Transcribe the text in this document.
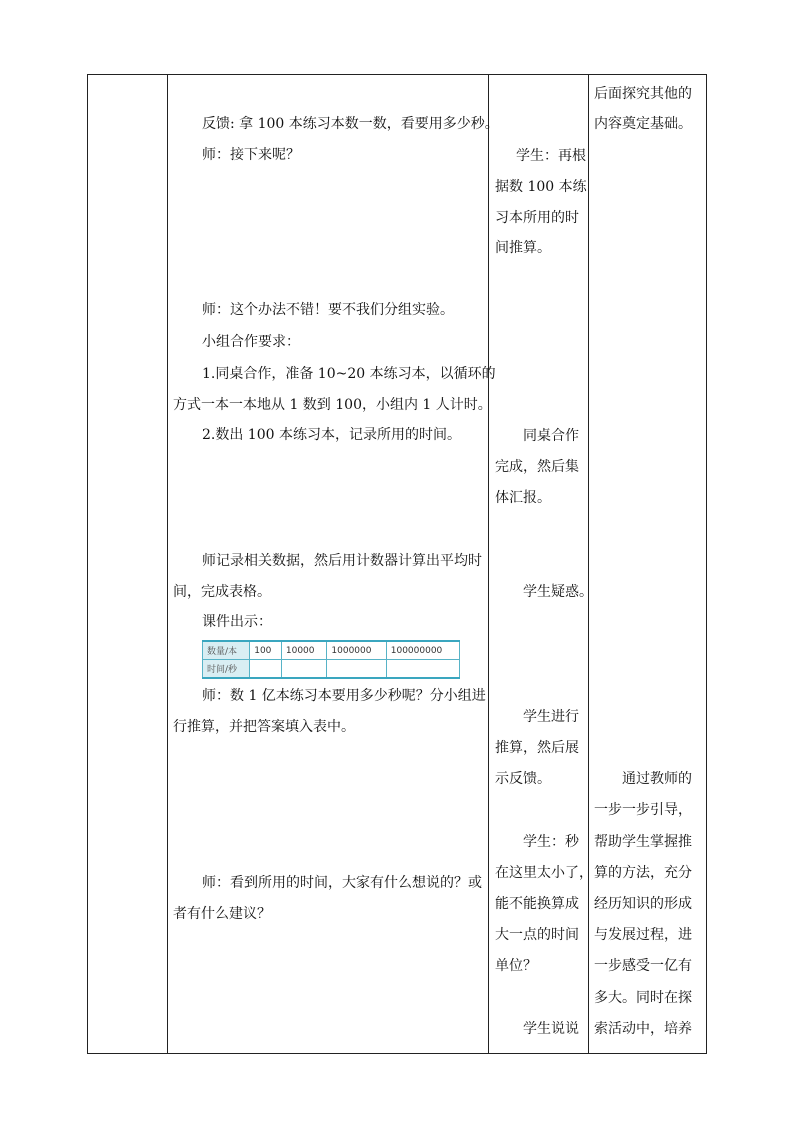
反馈: 拿 100 本练习本数一数，看要用多少秒。
师：接下来呢？
师：这个办法不错！要不我们分组实验。
小组合作要求：
1.同桌合作，准备 10~20 本练习本，以循环的
方式一本一本地从 1 数到 100，小组内 1 人计时。
2.数出 100 本练习本，记录所用的时间。
师记录相关数据，然后用计数器计算出平均时
间，完成表格。
课件出示：
师：数 1 亿本练习本要用多少秒呢？分小组进
行推算，并把答案填入表中。
师：看到所用的时间，大家有什么想说的？或
者有什么建议？
数量/本	100	10000	1000000	100000000
时间/秒				
学生：再根
据数 100 本练
习本所用的时
间推算。
同桌合作
完成，然后集
体汇报。
学生疑惑。
学生进行
推算，然后展
示反馈。
学生：秒
在这里太小了，
能不能换算成
大一点的时间
单位？
学生说说
后面探究其他的
内容奠定基础。
通过教师的
一步一步引导，
帮助学生掌握推
算的方法，充分
经历知识的形成
与发展过程，进
一步感受一亿有
多大。同时在探
索活动中，培养
